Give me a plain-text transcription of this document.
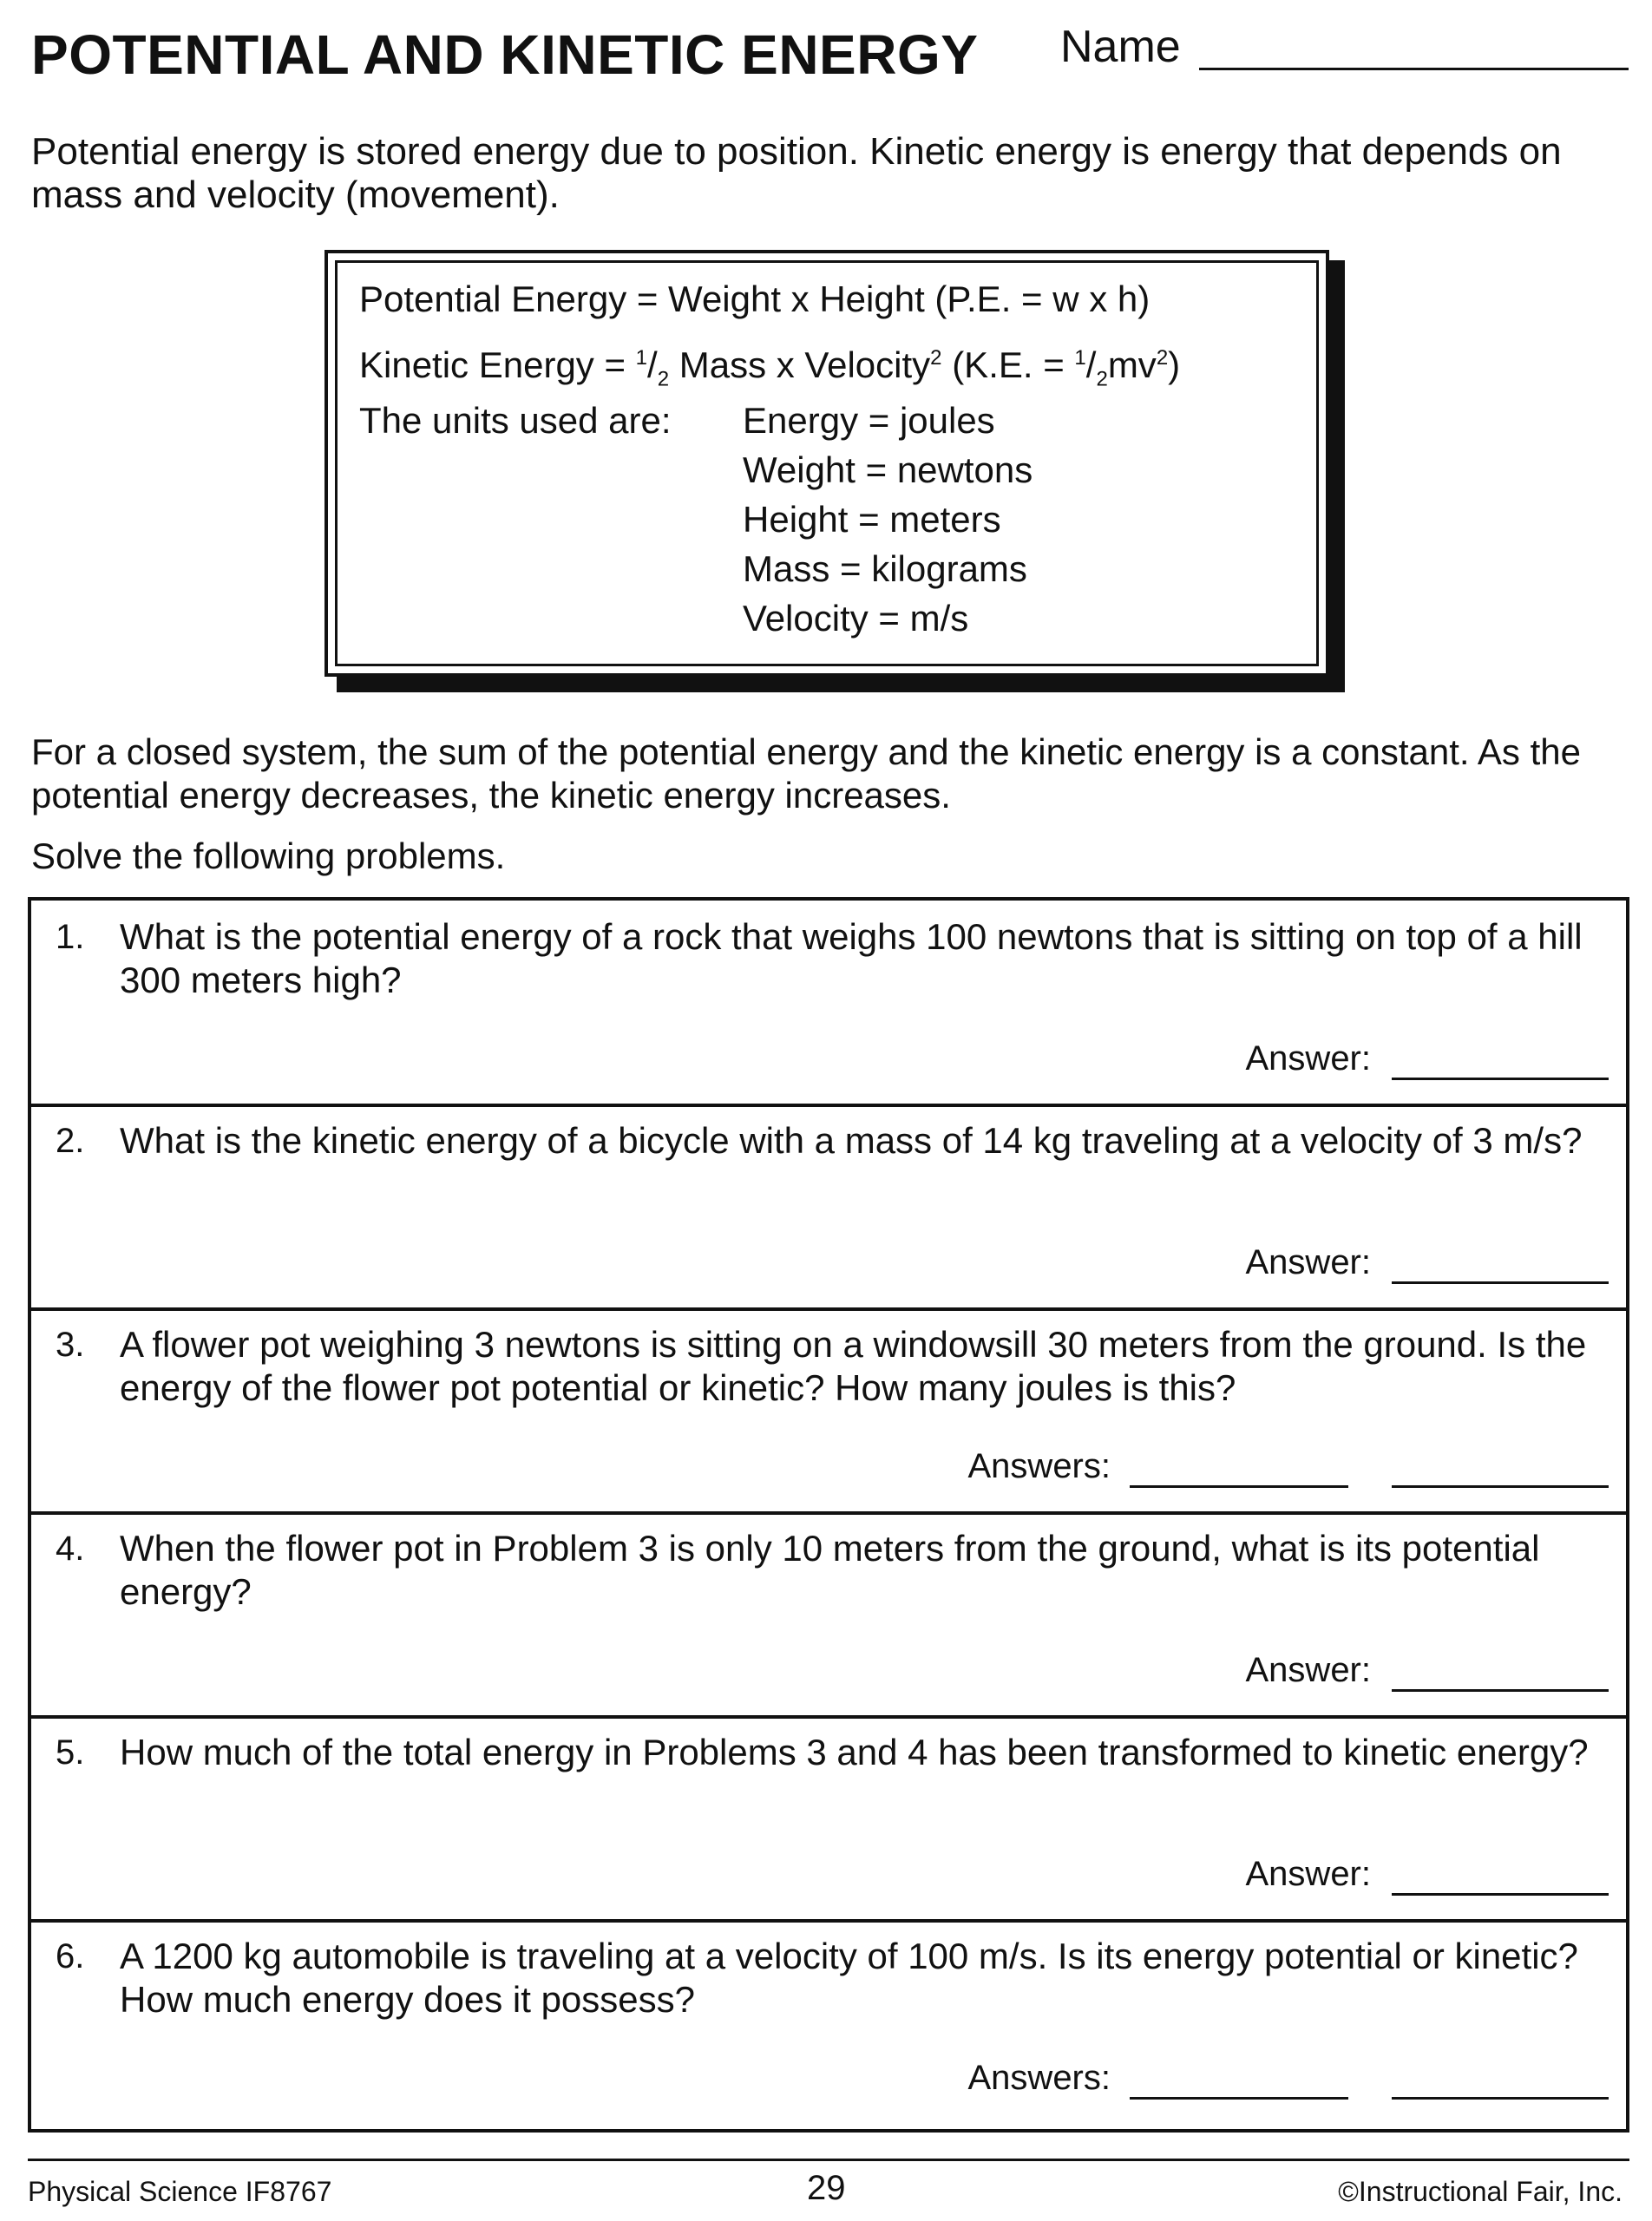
POTENTIAL AND KINETIC ENERGY Name
Potential energy is stored energy due to position. Kinetic energy is energy that depends on mass and velocity (movement).
Potential Energy = Weight x Height (P.E. = w x h)
Kinetic Energy = $^1/_2$ Mass x Velocity$^2$ (K.E. = $^1/_2mv^2$)
The units used are: Energy = joules
Weight = newtons
Height = meters
Mass = kilograms
Velocity = m/s
For a closed system, the sum of the potential energy and the kinetic energy is a constant. As the potential energy decreases, the kinetic energy increases.
Solve the following problems.
1. What is the potential energy of a rock that weighs 100 newtons that is sitting on top of a hill 300 meters high?
Answer:
2. What is the kinetic energy of a bicycle with a mass of 14 kg traveling at a velocity of 3 m/s?
Answer:
3. A flower pot weighing 3 newtons is sitting on a windowsill 30 meters from the ground. Is the energy of the flower pot potential or kinetic? How many joules is this?
Answers:
4. When the flower pot in Problem 3 is only 10 meters from the ground, what is its potential energy?
Answer:
5. How much of the total energy in Problems 3 and 4 has been transformed to kinetic energy?
Answer:
6. A 1200 kg automobile is traveling at a velocity of 100 m/s. Is its energy potential or kinetic? How much energy does it possess?
Answers:
Physical Science IF8767	29	©Instructional Fair, Inc.
